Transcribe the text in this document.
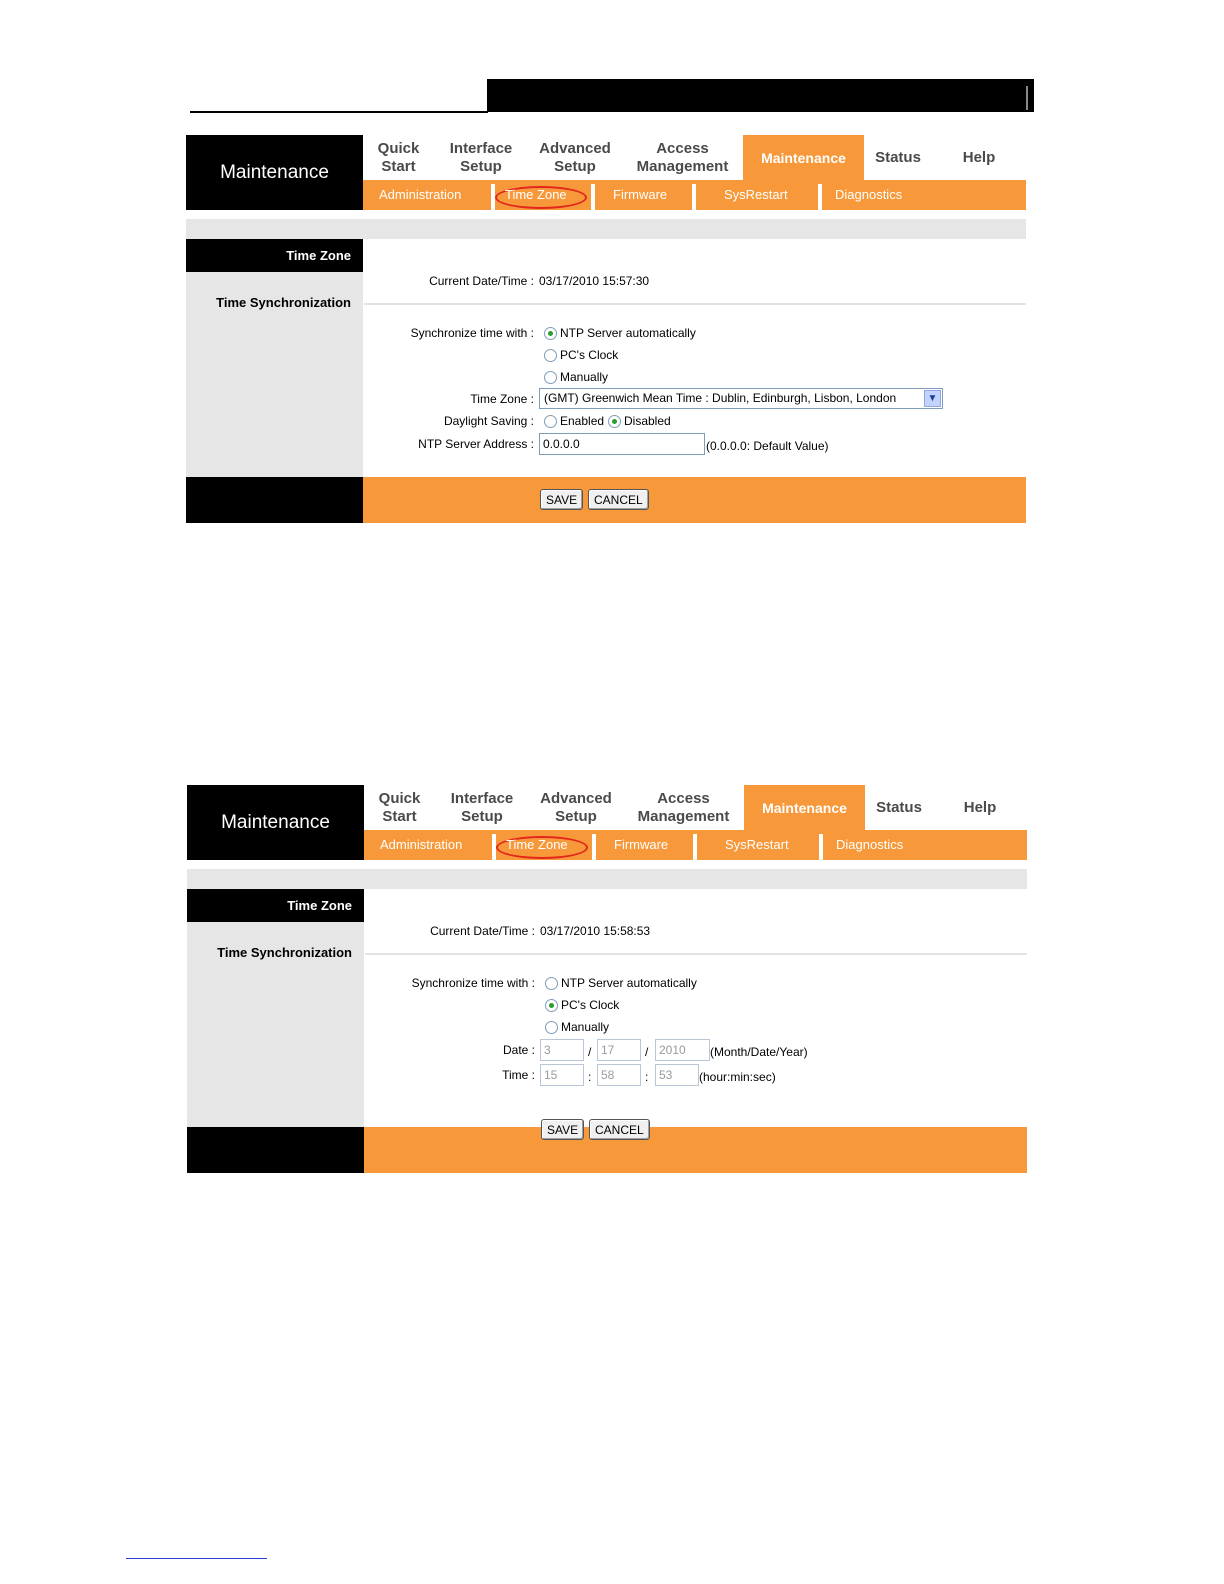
Maintenance
Quick
Start
Interface
Setup
Advanced
Setup
Access
Management	Maintenance	Status	Help
Administration	Time Zone	Firmware	SysRestart	Diagnostics
Time Zone
Time Synchronization
Current Date/Time : 03/17/2010 15:57:30
Synchronize time with : NTP Server automatically
PC's Clock
Manually
Time Zone : (GMT) Greenwich Mean Time : Dublin, Edinburgh, Lisbon, London	▼
Daylight Saving : Enabled Disabled
NTP Server Address :
0.0.0.0	(0.0.0.0: Default Value)
SAVE	CANCEL
Maintenance
Quick
Start
Interface
Setup
Advanced
Setup
Access
Management	Maintenance	Status	Help
Administration	Time Zone	Firmware	SysRestart	Diagnostics
Time Zone
Time Synchronization
Current Date/Time : 03/17/2010 15:58:53
Synchronize time with : NTP Server automatically
PC's Clock
Manually
Date :
3	/
17	/
2010	(Month/Date/Year)
Time :
15	:
58	:
53	(hour:min:sec)
SAVE	CANCEL
